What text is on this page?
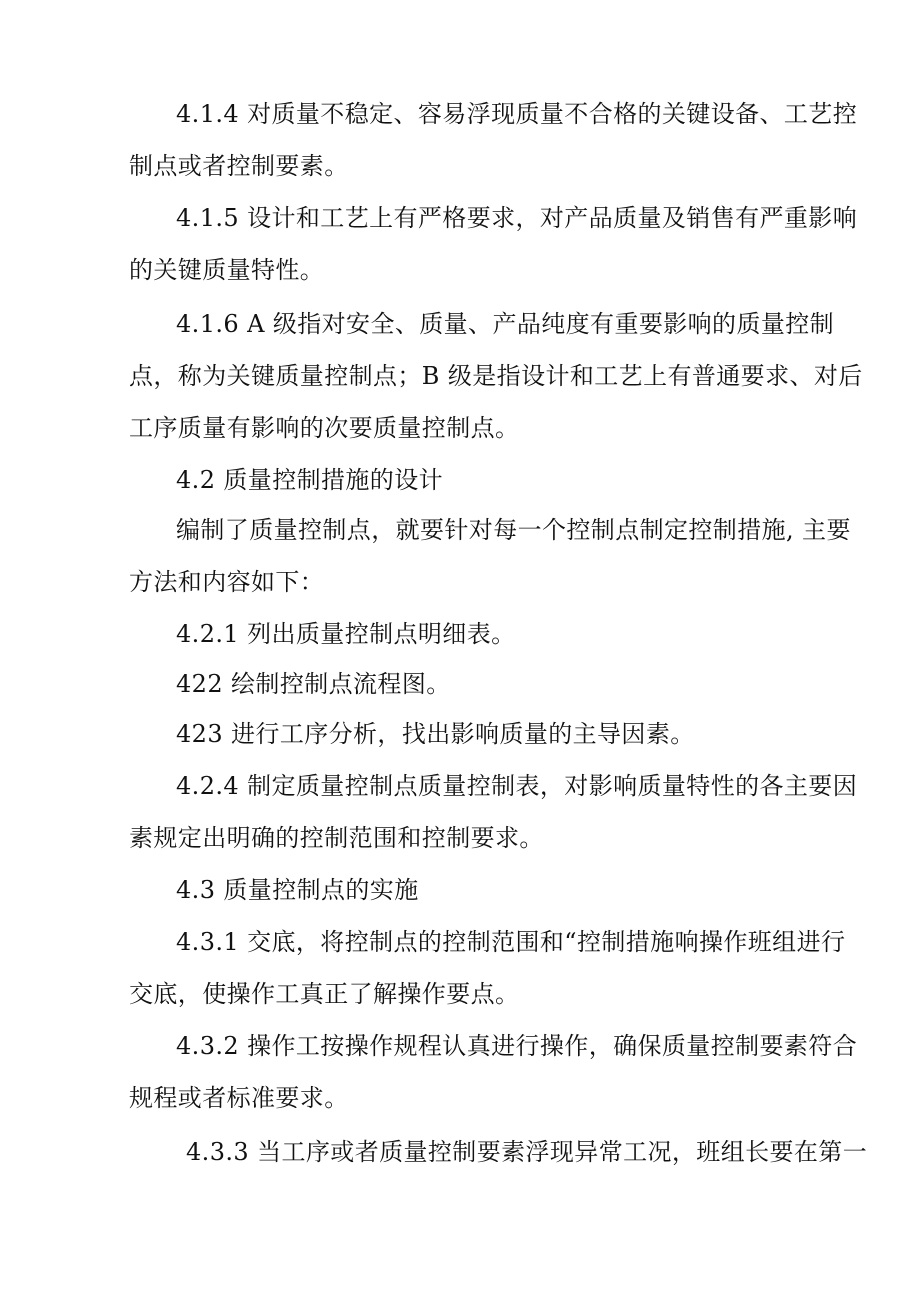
4.1.4 对质量不稳定、容易浮现质量不合格的关键设备、工艺控
制点或者控制要素。
4.1.5 设计和工艺上有严格要求，对产品质量及销售有严重影响
的关键质量特性。
4.1.6 A 级指对安全、质量、产品纯度有重要影响的质量控制
点，称为关键质量控制点；B 级是指设计和工艺上有普通要求、对后
工序质量有影响的次要质量控制点。
4.2 质量控制措施的设计
编制了质量控制点，就要针对每一个控制点制定控制措施, 主要
方法和内容如下：
4.2.1 列出质量控制点明细表。
422 绘制控制点流程图。
423 进行工序分析，找出影响质量的主导因素。
4.2.4 制定质量控制点质量控制表，对影响质量特性的各主要因
素规定出明确的控制范围和控制要求。
4.3 质量控制点的实施
4.3.1 交底，将控制点的控制范围和“控制措施响操作班组进行
交底，使操作工真正了解操作要点。
4.3.2 操作工按操作规程认真进行操作，确保质量控制要素符合
规程或者标准要求。
4.3.3 当工序或者质量控制要素浮现异常工况，班组长要在第一
